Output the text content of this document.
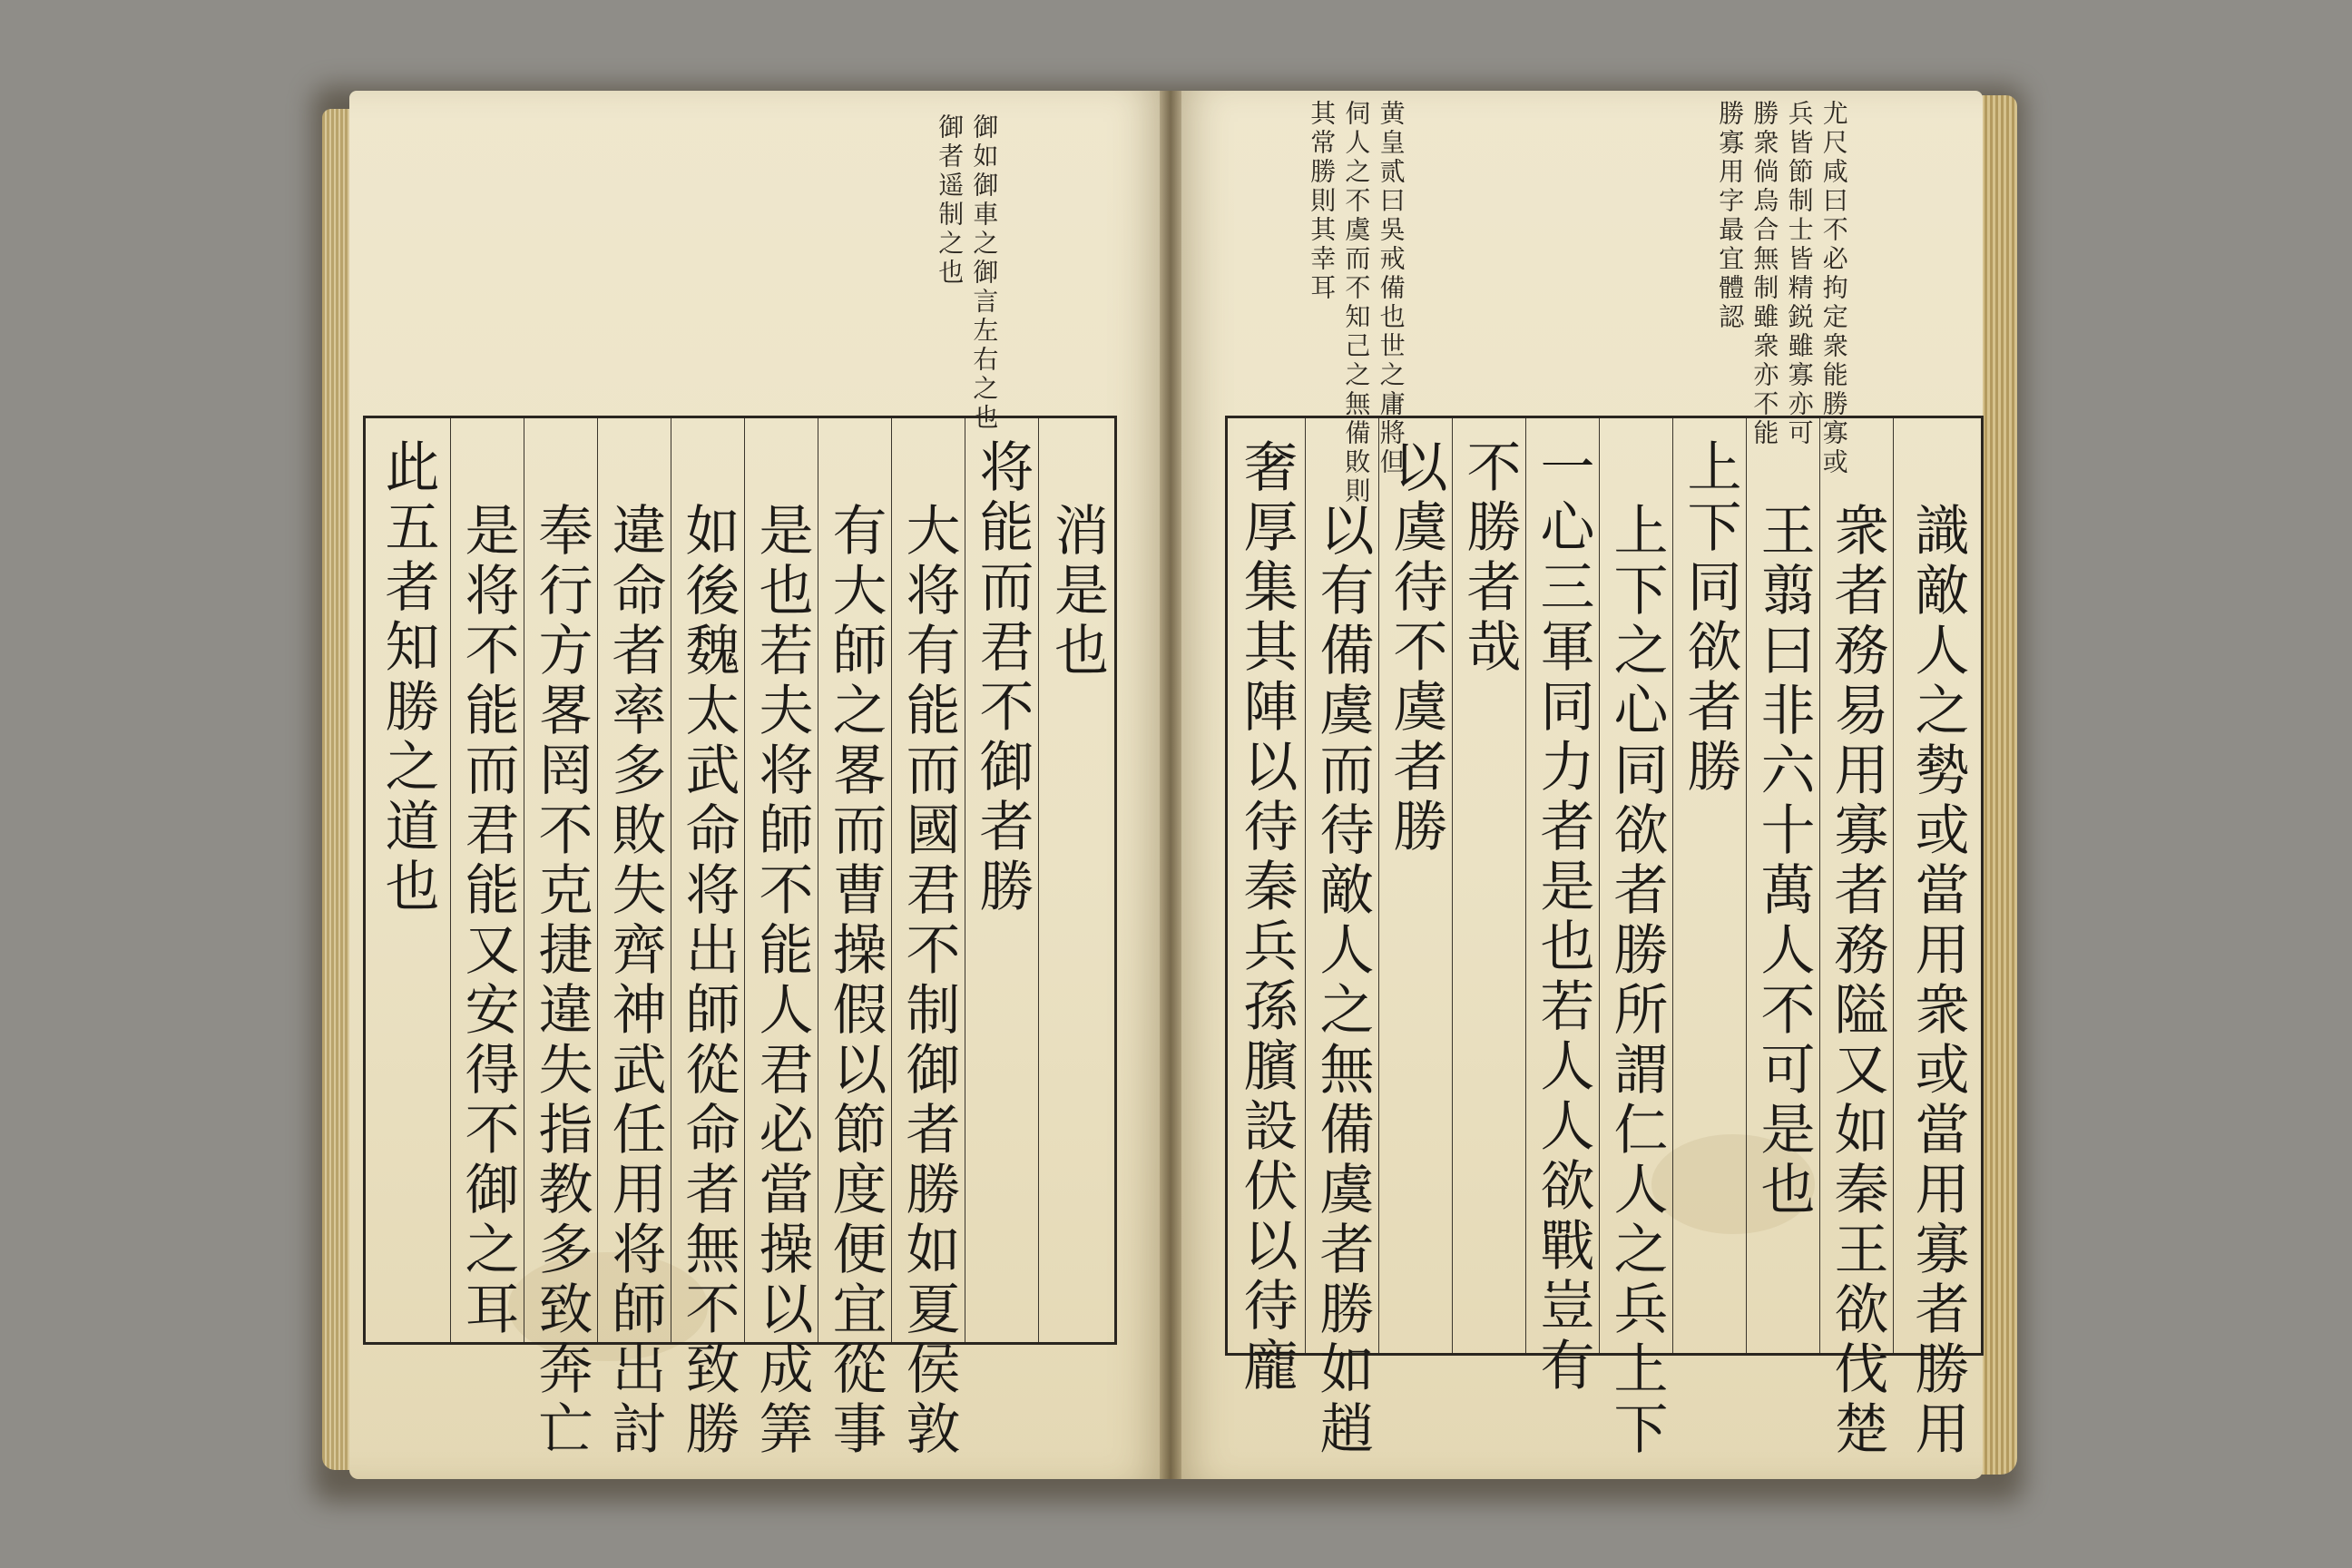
御如御車之御言左右之也
御者遥制之也	尤尺咸曰不必拘定衆能勝寡或
兵皆節制士皆精鋭雖寡亦可
勝衆倘烏合無制雖衆亦不能
勝寡用字最宜體認
黄皇贰曰吳戒備也世之庸將但
伺人之不虞而不知己之無備敗則
其常勝則其幸耳
消是也
将能而君不御者勝
大将有能而國君不制御者勝如夏侯敦
有大師之畧而曹操假以節度便宜從事
是也若夫将師不能人君必當操以成筭
如後魏太武命将出師從命者無不致勝
違命者率多敗失齊神武任用将師出討
奉行方畧罔不克捷違失指教多致奔亡
是将不能而君能又安得不御之耳
此五者知勝之道也	識敵人之勢或當用衆或當用寡者勝用
衆者務易用寡者務隘又如秦王欲伐楚
王翦曰非六十萬人不可是也
上下同欲者勝
上下之心同欲者勝所謂仁人之兵上下
一心三軍同力者是也若人人欲戰豈有
不勝者哉
以虞待不虞者勝
以有備虞而待敵人之無備虞者勝如趙
奢厚集其陣以待秦兵孫臏設伏以待龐
